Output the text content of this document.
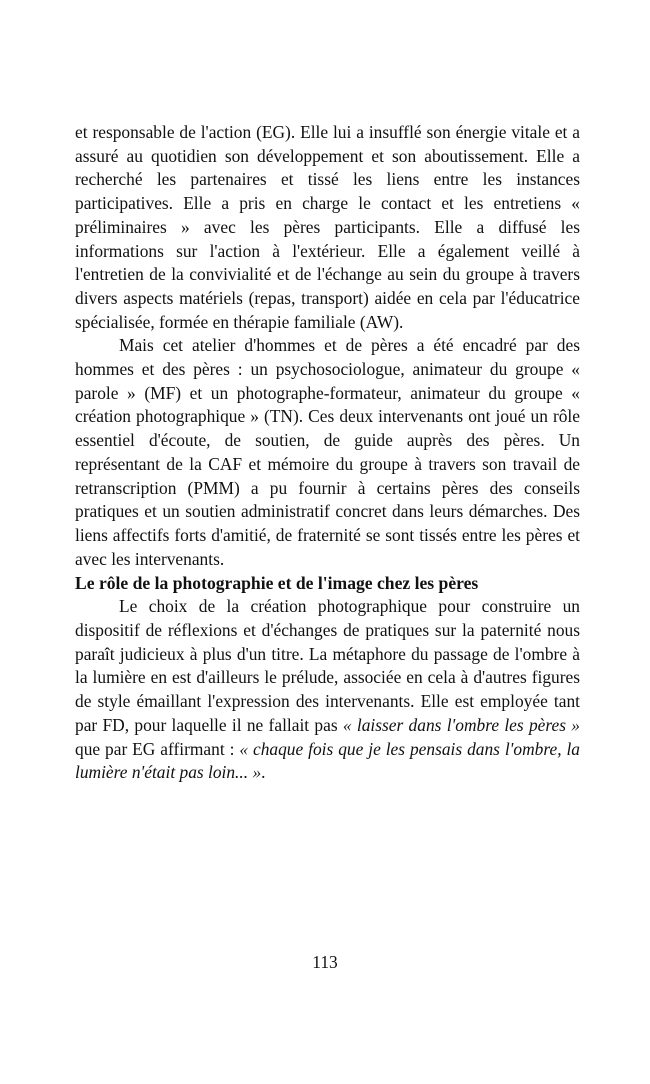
et responsable de l'action (EG). Elle lui a insufflé son énergie vitale et a assuré au quotidien son développement et son aboutissement. Elle a recherché les partenaires et tissé les liens entre les instances participatives. Elle a pris en charge le contact et les entretiens « préliminaires » avec les pères participants. Elle a diffusé les informations sur l'action à l'extérieur. Elle a également veillé à l'entretien de la convivialité et de l'échange au sein du groupe à travers divers aspects matériels (repas, transport) aidée en cela par l'éducatrice spécialisée, formée en thérapie familiale (AW).

Mais cet atelier d'hommes et de pères a été encadré par des hommes et des pères : un psychosociologue, animateur du groupe « parole » (MF) et un photographe-formateur, animateur du groupe « création photographique » (TN). Ces deux intervenants ont joué un rôle essentiel d'écoute, de soutien, de guide auprès des pères. Un représentant de la CAF et mémoire du groupe à travers son travail de retranscription (PMM) a pu fournir à certains pères des conseils pratiques et un soutien administratif concret dans leurs démarches. Des liens affectifs forts d'amitié, de fraternité se sont tissés entre les pères et avec les intervenants.

Le rôle de la photographie et de l'image chez les pères

Le choix de la création photographique pour construire un dispositif de réflexions et d'échanges de pratiques sur la paternité nous paraît judicieux à plus d'un titre. La métaphore du passage de l'ombre à la lumière en est d'ailleurs le prélude, associée en cela à d'autres figures de style émaillant l'expression des intervenants. Elle est employée tant par FD, pour laquelle il ne fallait pas « laisser dans l'ombre les pères » que par EG affirmant : « chaque fois que je les pensais dans l'ombre, la lumière n'était pas loin... ».

113
